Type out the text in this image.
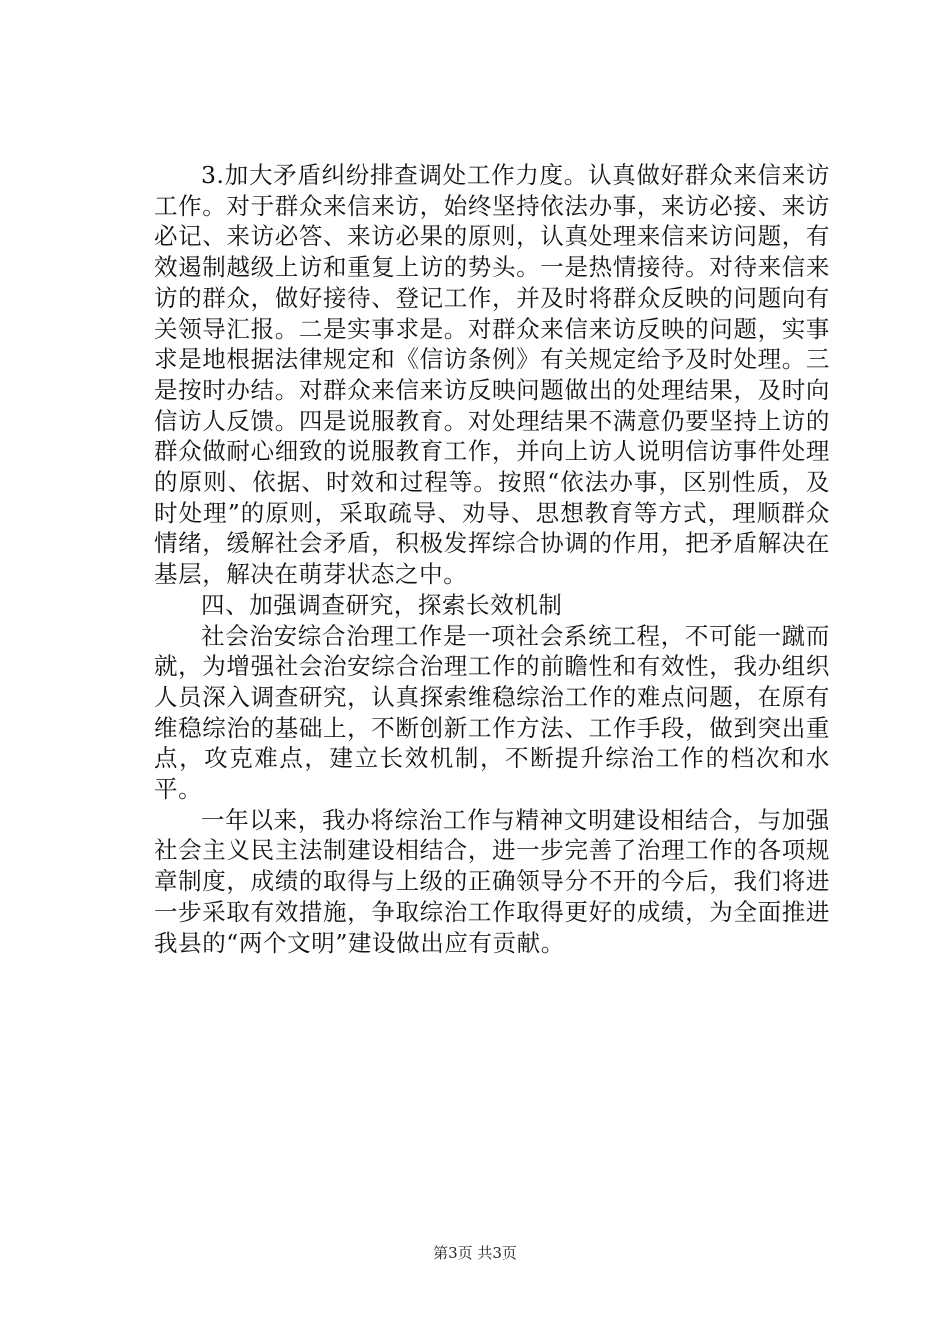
3.加大矛盾纠纷排查调处工作力度。认真做好群众来信来访工作。对于群众来信来访，始终坚持依法办事，来访必接、来访必记、来访必答、来访必果的原则，认真处理来信来访问题，有效遏制越级上访和重复上访的势头。一是热情接待。对待来信来访的群众，做好接待、登记工作，并及时将群众反映的问题向有关领导汇报。二是实事求是。对群众来信来访反映的问题，实事求是地根据法律规定和《信访条例》有关规定给予及时处理。三是按时办结。对群众来信来访反映问题做出的处理结果，及时向信访人反馈。四是说服教育。对处理结果不满意仍要坚持上访的群众做耐心细致的说服教育工作，并向上访人说明信访事件处理的原则、依据、时效和过程等。按照“依法办事，区别性质，及时处理”的原则，采取疏导、劝导、思想教育等方式，理顺群众情绪，缓解社会矛盾，积极发挥综合协调的作用，把矛盾解决在基层，解决在萌芽状态之中。

四、加强调查研究，探索长效机制

社会治安综合治理工作是一项社会系统工程，不可能一蹴而就，为增强社会治安综合治理工作的前瞻性和有效性，我办组织人员深入调查研究，认真探索维稳综治工作的难点问题，在原有维稳综治的基础上，不断创新工作方法、工作手段，做到突出重点，攻克难点，建立长效机制，不断提升综治工作的档次和水平。

一年以来，我办将综治工作与精神文明建设相结合，与加强社会主义民主法制建设相结合，进一步完善了治理工作的各项规章制度，成绩的取得与上级的正确领导分不开的今后，我们将进一步采取有效措施，争取综治工作取得更好的成绩，为全面推进我县的“两个文明”建设做出应有贡献。

第3页 共3页
